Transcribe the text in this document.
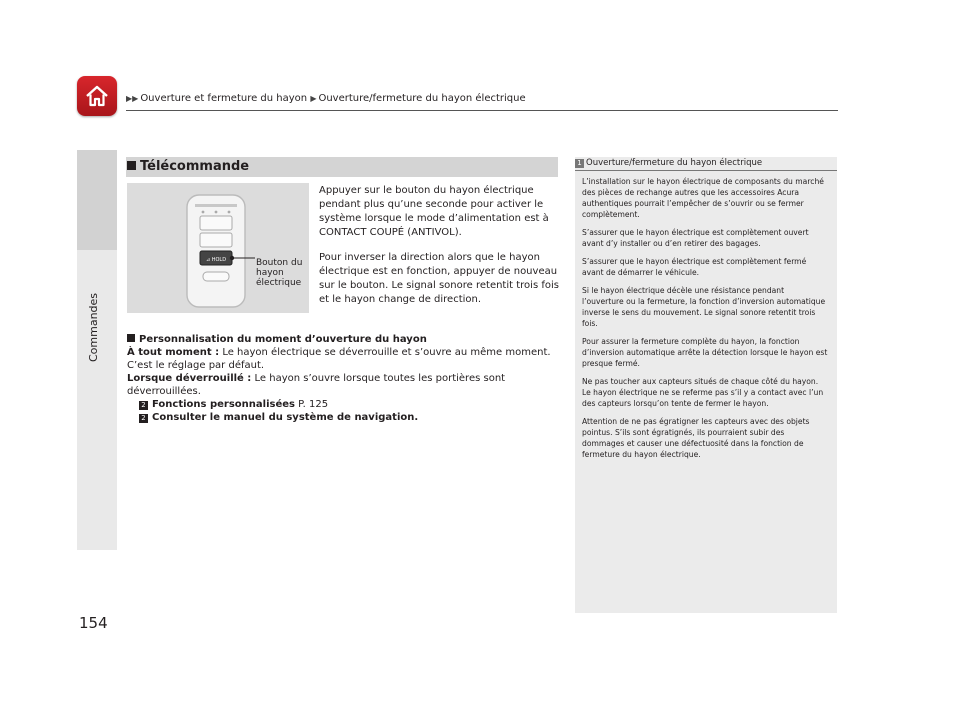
▶▶ Ouverture et fermeture du hayon ▶ Ouverture/fermeture du hayon électrique
Commandes
Télécommande
⊿ HOLD	Bouton du hayon électrique

Appuyer sur le bouton du hayon électrique pendant plus qu’une seconde pour activer le système lorsque le mode d’alimentation est à CONTACT COUPÉ (ANTIVOL).

Pour inverser la direction alors que le hayon électrique est en fonction, appuyer de nouveau sur le bouton. Le signal sonore retentit trois fois et le hayon change de direction.

Personnalisation du moment d’ouverture du hayon
À tout moment : Le hayon électrique se déverrouille et s’ouvre au même moment. C’est le réglage par défaut.
Lorsque déverrouillé : Le hayon s’ouvre lorsque toutes les portières sont déverrouillées.
2 Fonctions personnalisées P. 125
2 Consulter le manuel du système de navigation.
1 Ouverture/fermeture du hayon électrique

L’installation sur le hayon électrique de composants du marché des pièces de rechange autres que les accessoires Acura authentiques pourrait l’empêcher de s’ouvrir ou se fermer complètement.

S’assurer que le hayon électrique est complètement ouvert avant d’y installer ou d’en retirer des bagages.

S’assurer que le hayon électrique est complètement fermé avant de démarrer le véhicule.

Si le hayon électrique décèle une résistance pendant l’ouverture ou la fermeture, la fonction d’inversion automatique inverse le sens du mouvement. Le signal sonore retentit trois fois.

Pour assurer la fermeture complète du hayon, la fonction d’inversion automatique arrête la détection lorsque le hayon est presque fermé.

Ne pas toucher aux capteurs situés de chaque côté du hayon. Le hayon électrique ne se referme pas s’il y a contact avec l’un des capteurs lorsqu’on tente de fermer le hayon.

Attention de ne pas égratigner les capteurs avec des objets pointus. S’ils sont égratignés, ils pourraient subir des dommages et causer une défectuosité dans la fonction de fermeture du hayon électrique.

154
